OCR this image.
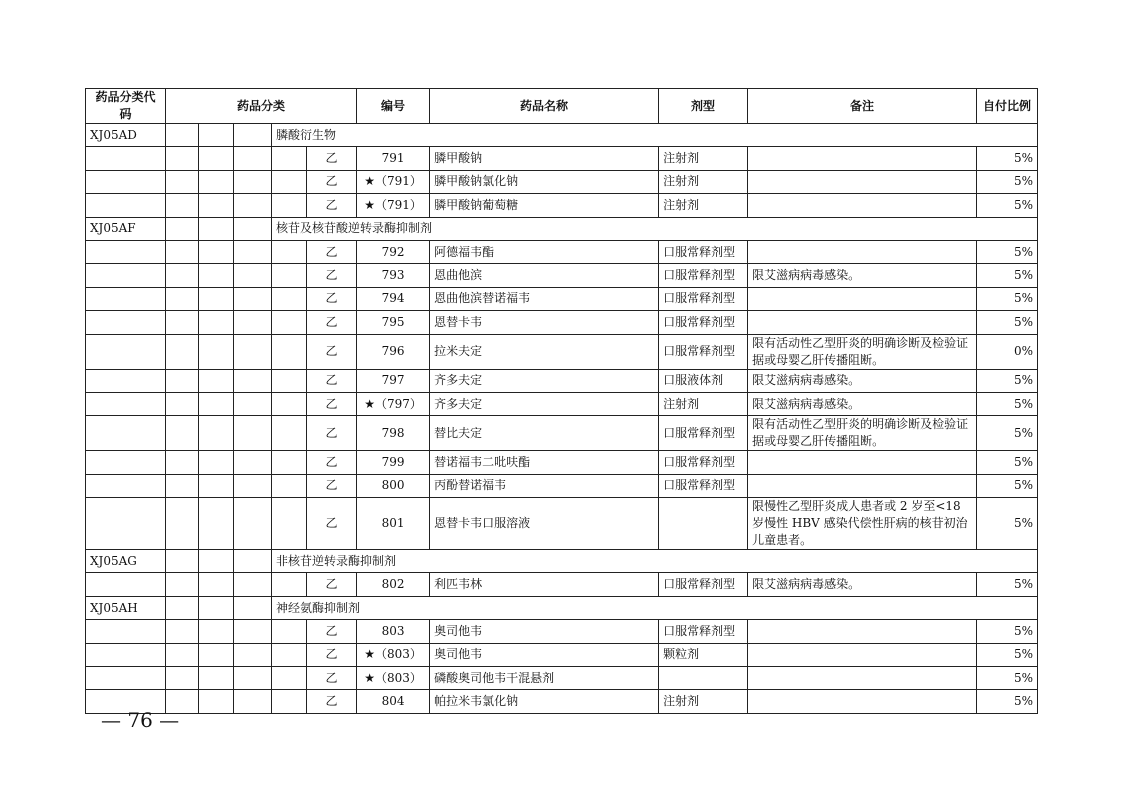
药品分类代码	药品分类					编号	药品名称	剂型	备注	自付比例
XJ05AD				膦酸衍生物						
					乙	791	膦甲酸钠	注射剂		5%
					乙	★（791）	膦甲酸钠氯化钠	注射剂		5%
					乙	★（791）	膦甲酸钠葡萄糖	注射剂		5%
XJ05AF				核苷及核苷酸逆转录酶抑制剂						
					乙	792	阿德福韦酯	口服常释剂型		5%
					乙	793	恩曲他滨	口服常释剂型	限艾滋病病毒感染。	5%
					乙	794	恩曲他滨替诺福韦	口服常释剂型		5%
					乙	795	恩替卡韦	口服常释剂型		5%
					乙	796	拉米夫定	口服常释剂型	限有活动性乙型肝炎的明确诊断及检验证据或母婴乙肝传播阻断。	0%
					乙	797	齐多夫定	口服液体剂	限艾滋病病毒感染。	5%
					乙	★（797）	齐多夫定	注射剂	限艾滋病病毒感染。	5%
					乙	798	替比夫定	口服常释剂型	限有活动性乙型肝炎的明确诊断及检验证据或母婴乙肝传播阻断。	5%
					乙	799	替诺福韦二吡呋酯	口服常释剂型		5%
					乙	800	丙酚替诺福韦	口服常释剂型		5%
					乙	801	恩替卡韦口服溶液		限慢性乙型肝炎成人患者或 2 岁至<18 岁慢性 HBV 感染代偿性肝病的核苷初治儿童患者。	5%
XJ05AG				非核苷逆转录酶抑制剂						
					乙	802	利匹韦林	口服常释剂型	限艾滋病病毒感染。	5%
XJ05AH				神经氨酶抑制剂						
					乙	803	奥司他韦	口服常释剂型		5%
					乙	★（803）	奥司他韦	颗粒剂		5%
					乙	★（803）	磷酸奥司他韦干混悬剂			5%
					乙	804	帕拉米韦氯化钠	注射剂		5%
— 76 —
